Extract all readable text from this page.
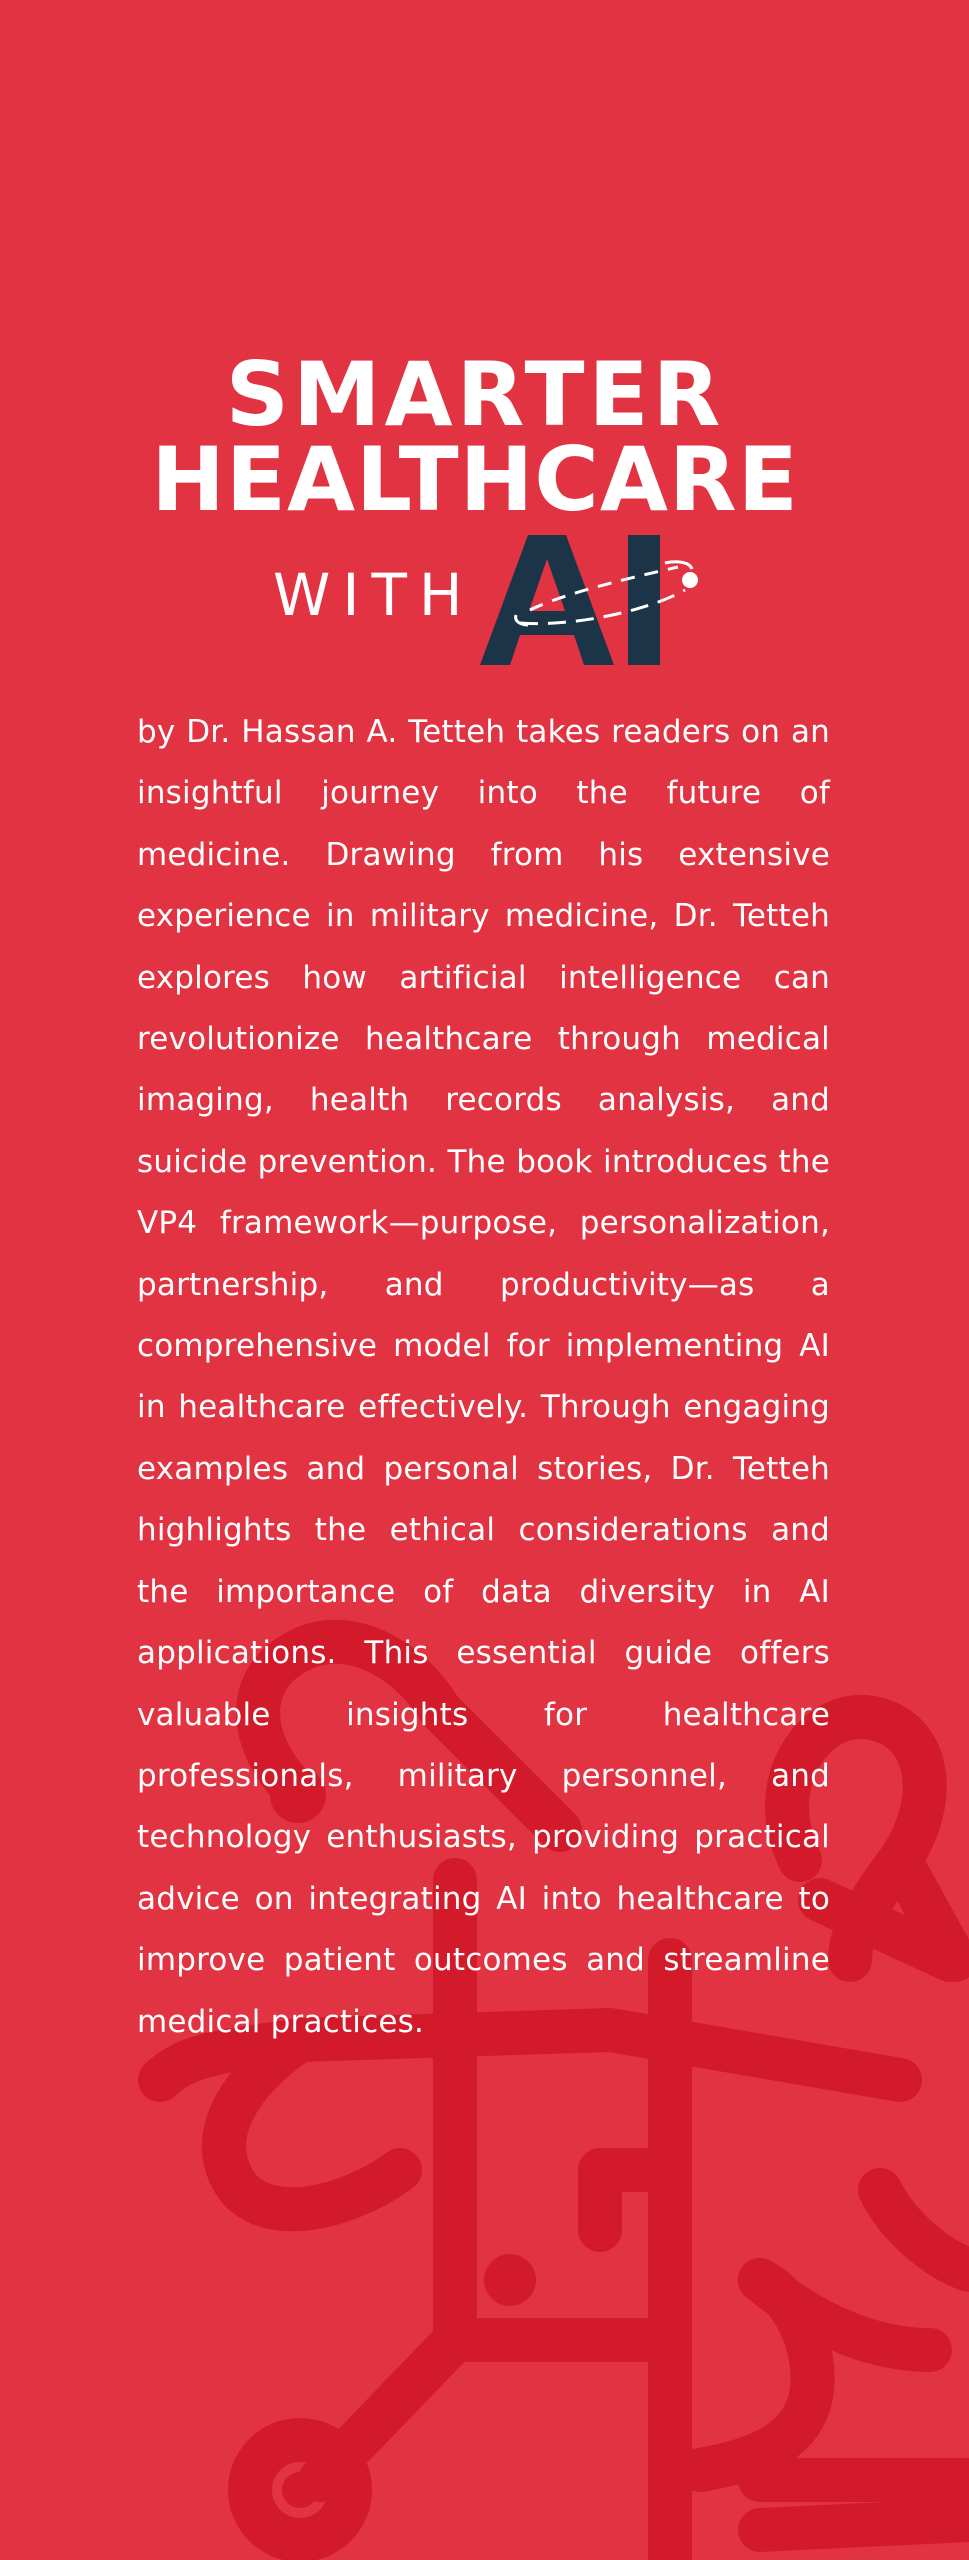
SMARTER
HEALTHCARE
WITH

by Dr. Hassan A. Tetteh takes readers on an insightful journey into the future of medicine. Drawing from his extensive experience in military medicine, Dr. Tetteh explores how artificial intelligence can revolutionize healthcare through medical imaging, health records analysis, and suicide prevention. The book introduces the VP4 framework—purpose, personalization, partnership, and productivity—as a comprehensive model for implementing AI in healthcare effectively. Through engaging examples and personal stories, Dr. Tetteh highlights the ethical considerations and the importance of data diversity in AI applications. This essential guide offers valuable insights for healthcare professionals, military personnel, and technology enthusiasts, providing practical advice on integrating AI into healthcare to improve patient outcomes and streamline medical practices.
